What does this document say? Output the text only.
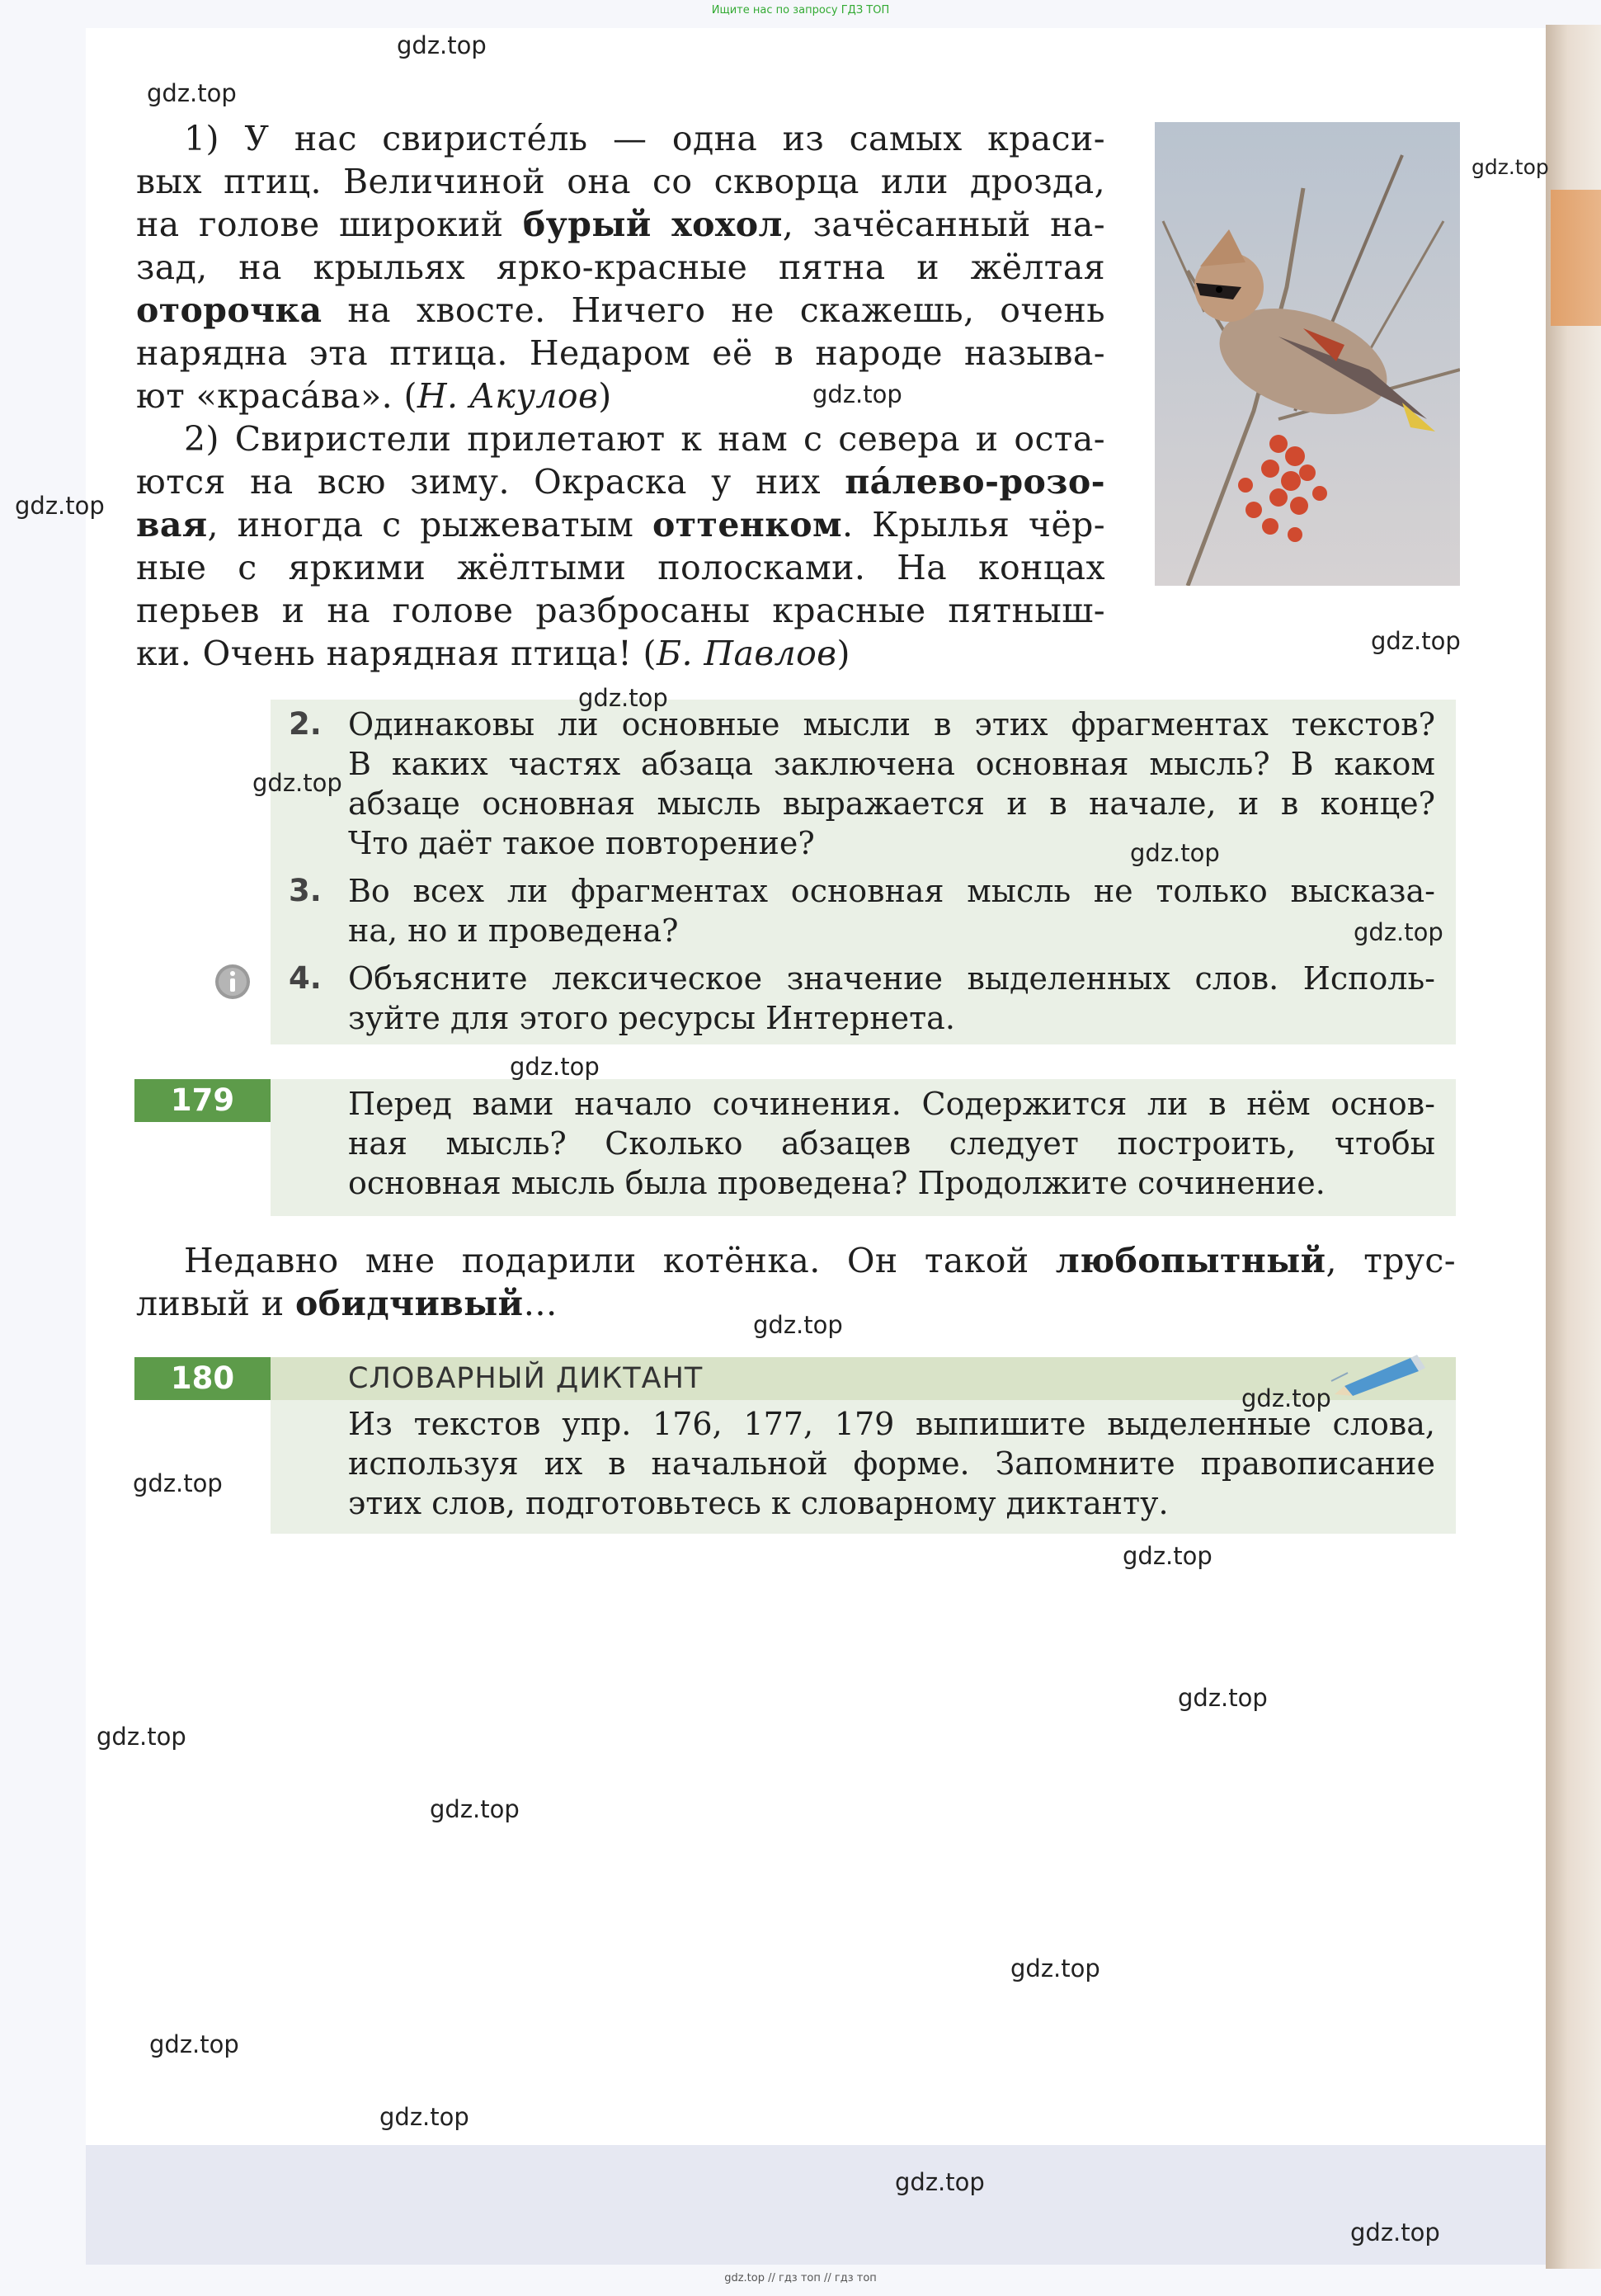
Ищите нас по запросу ГДЗ ТОП
1) У нас свиристе́ль — одна из самых краси-
вых птиц. Величиной она со скворца или дрозда,
на голове широкий бурый хохол, зачёсанный на-
зад, на крыльях ярко-красные пятна и жёлтая
оторочка на хвосте. Ничего не скажешь, очень
нарядна эта птица. Недаром её в народе называ-
ют «краса́ва». (Н. Акулов)
2) Свиристели прилетают к нам с севера и оста-
ются на всю зиму. Окраска у них па́лево-розо-
вая, иногда с рыжеватым оттенком. Крылья чёр-
ные с яркими жёлтыми полосками. На концах
перьев и на голове разбросаны красные пятныш-
ки. Очень нарядная птица! (Б. Павлов)
2. Одинаковы ли основные мысли в этих фрагментах текстов?
В каких частях абзаца заключена основная мысль? В каком
абзаце основная мысль выражается и в начале, и в конце?
Что даёт такое повторение?
3. Во всех ли фрагментах основная мысль не только высказа-
на, но и проведена?
4. Объясните лексическое значение выделенных слов. Исполь-
зуйте для этого ресурсы Интернета.
179	Перед вами начало сочинения. Содержится ли в нём основ-
ная мысль? Сколько абзацев следует построить, чтобы
основная мысль была проведена? Продолжите сочинение.
Недавно мне подарили котёнка. Он такой любопытный, трус-
ливый и обидчивый…
180	СЛОВАРНЫЙ ДИКТАНТ
Из текстов упр. 176, 177, 179 выпишите выделенные слова,
используя их в начальной форме. Запомните правописание
этих слов, подготовьтесь к словарному диктанту.
gdz.top
gdz.top
gdz.top
gdz.top
gdz.top
gdz.top
gdz.top
gdz.top
gdz.top
gdz.top
gdz.top
gdz.top
gdz.top
gdz.top
gdz.top
gdz.top
gdz.top
gdz.top
gdz.top
gdz.top
gdz.top
gdz.top
gdz.top
gdz.top // гдз топ // гдз топ
